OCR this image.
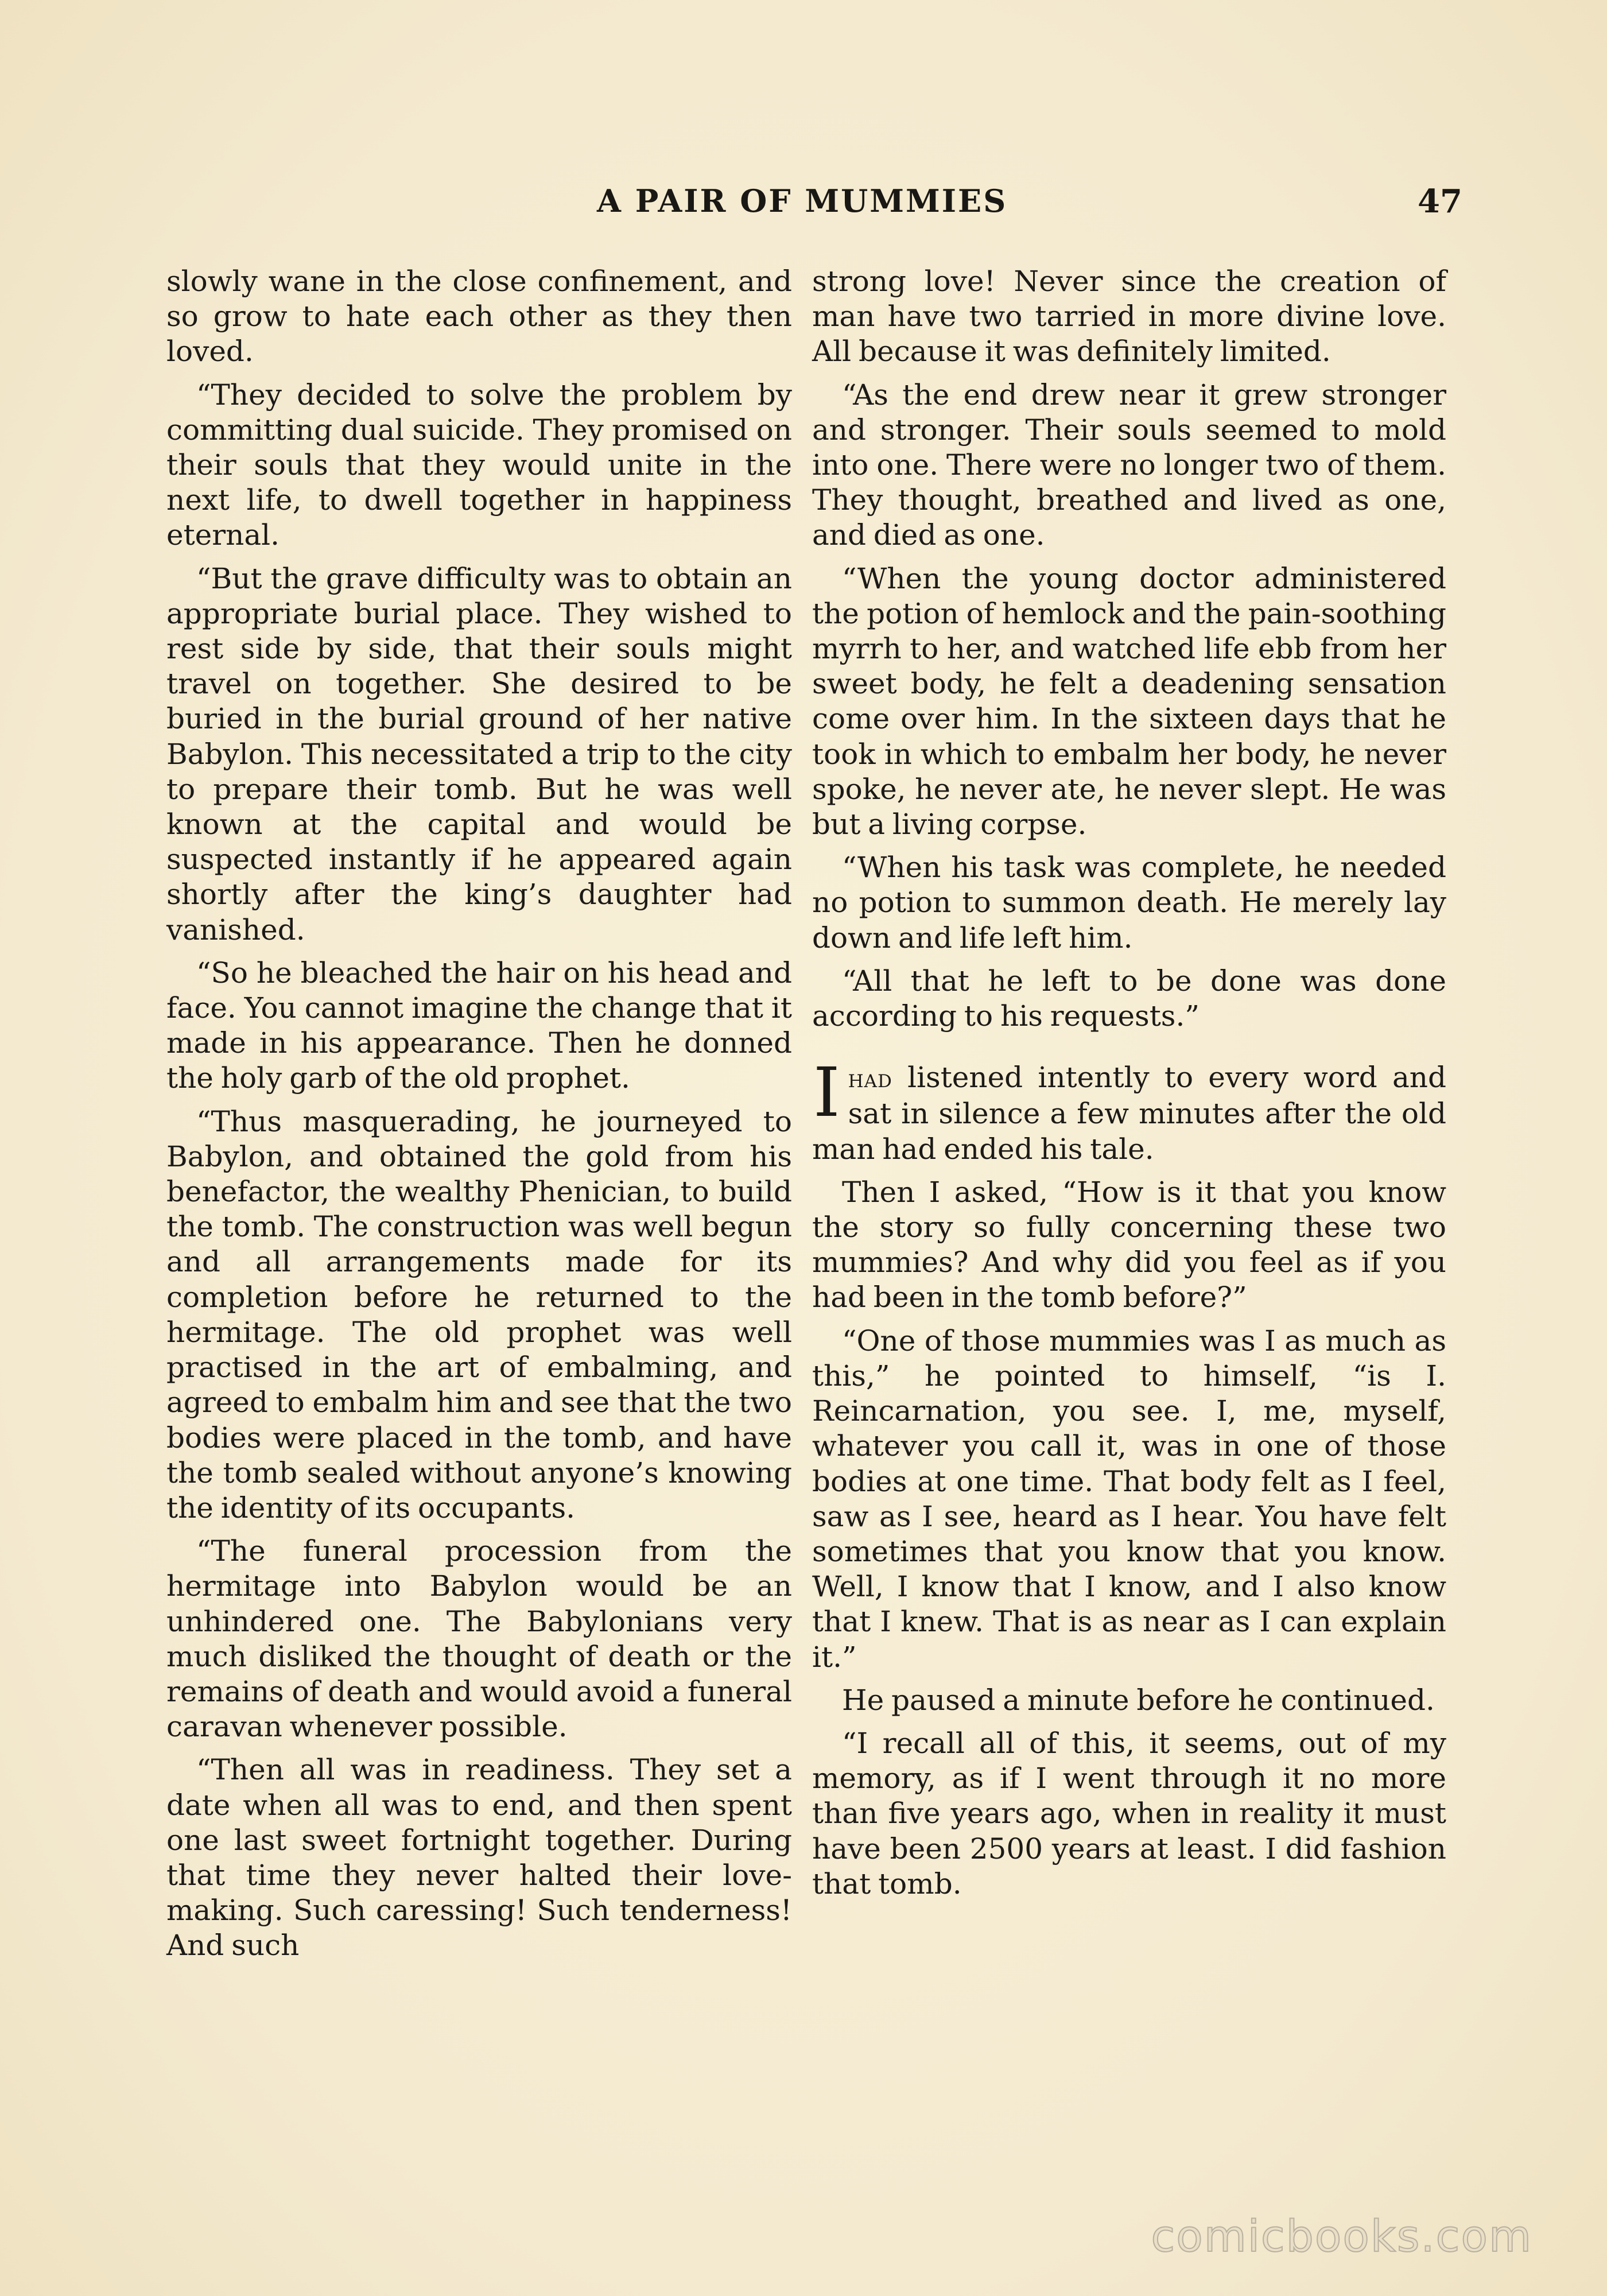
A PAIR OF MUMMIES	47

slowly wane in the close confinement, and so grow to hate each other as they then loved.

“They decided to solve the problem by committing dual suicide. They promised on their souls that they would unite in the next life, to dwell together in happiness eternal.

“But the grave difficulty was to obtain an appropriate burial place. They wished to rest side by side, that their souls might travel on together. She desired to be buried in the burial ground of her native Babylon. This necessitated a trip to the city to prepare their tomb. But he was well known at the capital and would be suspected instantly if he appeared again shortly after the king’s daughter had vanished.

“So he bleached the hair on his head and face. You cannot imagine the change that it made in his appearance. Then he donned the holy garb of the old prophet.

“Thus masquerading, he journeyed to Babylon, and obtained the gold from his benefactor, the wealthy Phenician, to build the tomb. The construction was well begun and all arrangements made for its completion before he returned to the hermitage. The old prophet was well practised in the art of embalming, and agreed to embalm him and see that the two bodies were placed in the tomb, and have the tomb sealed without anyone’s knowing the identity of its occupants.

“The funeral procession from the hermitage into Babylon would be an unhindered one. The Babylonians very much disliked the thought of death or the remains of death and would avoid a funeral caravan whenever possible.

“Then all was in readiness. They set a date when all was to end, and then spent one last sweet fortnight together. During that time they never halted their love-making. Such caressing! Such tenderness! And such

strong love! Never since the creation of man have two tarried in more divine love. All because it was definitely limited.

“As the end drew near it grew stronger and stronger. Their souls seemed to mold into one. There were no longer two of them. They thought, breathed and lived as one, and died as one.

“When the young doctor administered the potion of hemlock and the pain-soothing myrrh to her, and watched life ebb from her sweet body, he felt a deadening sensation come over him. In the sixteen days that he took in which to embalm her body, he never spoke, he never ate, he never slept. He was but a living corpse.

“When his task was complete, he needed no potion to summon death. He merely lay down and life left him.

“All that he left to be done was done according to his requests.”

Ihad listened intently to every word and sat in silence a few minutes after the old man had ended his tale.

Then I asked, “How is it that you know the story so fully concerning these two mummies? And why did you feel as if you had been in the tomb before?”

“One of those mummies was I as much as this,” he pointed to himself, “is I. Reincarnation, you see. I, me, myself, whatever you call it, was in one of those bodies at one time. That body felt as I feel, saw as I see, heard as I hear. You have felt sometimes that you know that you know. Well, I know that I know, and I also know that I knew. That is as near as I can explain it.”

He paused a minute before he continued.

“I recall all of this, it seems, out of my memory, as if I went through it no more than five years ago, when in reality it must have been 2500 years at least. I did fashion that tomb.

comicbooks.com
